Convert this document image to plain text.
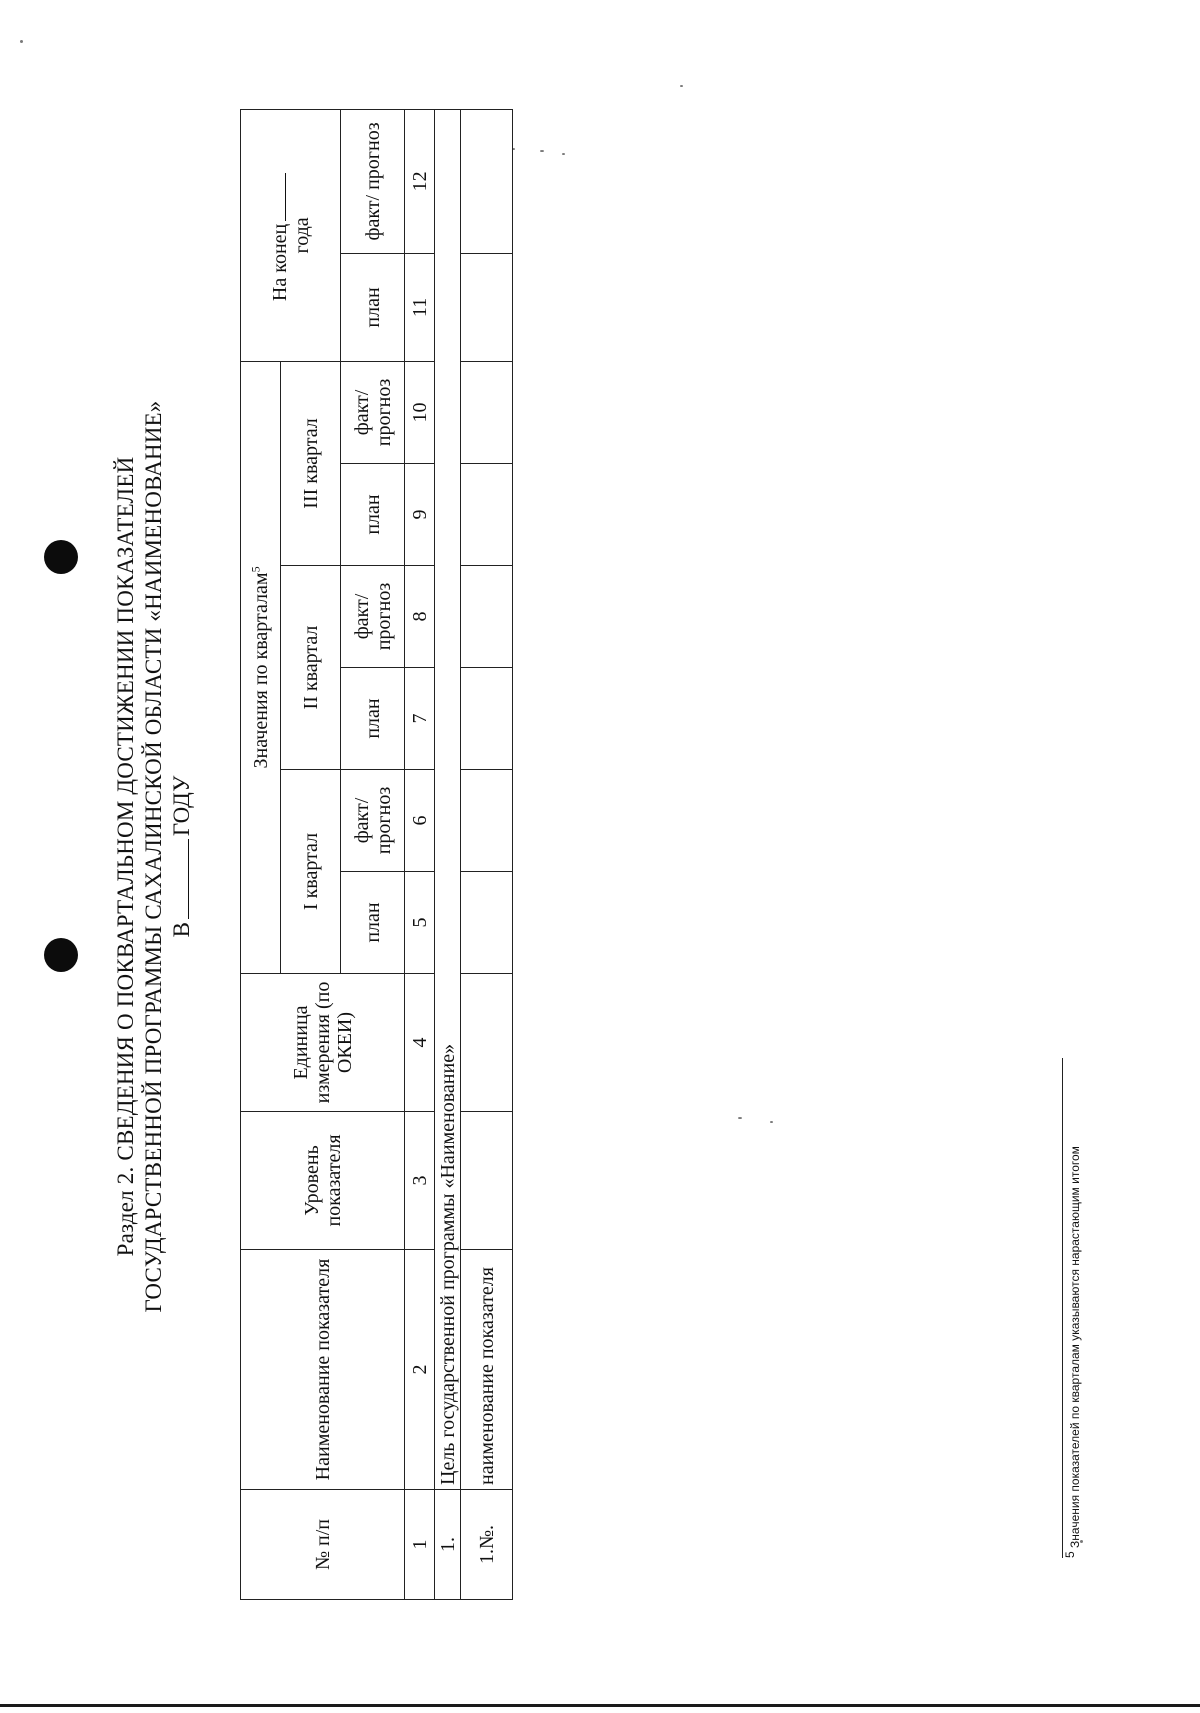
Раздел 2. СВЕДЕНИЯ О ПОКВАРТАЛЬНОМ ДОСТИЖЕНИИ ПОКАЗАТЕЛЕЙ ГОСУДАРСТВЕННОЙ ПРОГРАММЫ САХАЛИНСКОЙ ОБЛАСТИ «НАИМЕНОВАНИЕ» ВГОДУ
№ п/п	Наименование показателя	Уровень показателя	Единица измерения (по ОКЕИ)	Значения по кварталам$^5$						На конец
года	
				I квартал		II квартал		III квартал			
				план	факт/ прогноз	план	факт/ прогноз	план	факт/ прогноз	план	факт/ прогноз
1	2	3	4	5	6	7	8	9	10	11	12
1.	Цель государственной программы «Наименование»										
1.№.	наименование показателя										
5 Значения показателей по кварталам указываются нарастающим итогом
